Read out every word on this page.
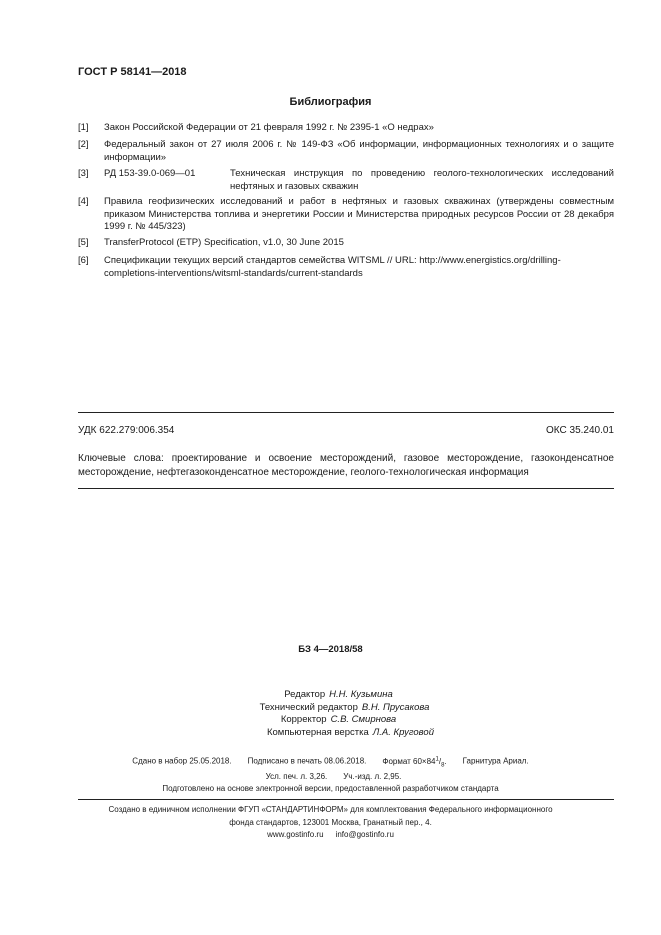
ГОСТ Р 58141—2018
Библиография
[1] Закон Российской Федерации от 21 февраля 1992 г. № 2395-1 «О недрах»
[2] Федеральный закон от 27 июля 2006 г. № 149-ФЗ «Об информации, информационных технологиях и о защите информации»
[3] РД 153-39.0-069—01	Техническая инструкция по проведению геолого-технологических исследований нефтяных и газовых скважин
[4] Правила геофизических исследований и работ в нефтяных и газовых скважинах (утверждены совместным приказом Министерства топлива и энергетики России и Министерства природных ресурсов России от 28 декабря 1999 г. № 445/323)
[5] TransferProtocol (ETP) Specification, v1.0, 30 June 2015
[6] Спецификации текущих версий стандартов семейства WITSML // URL: http://www.energistics.org/drilling-completions-interventions/witsml-standards/current-standards
УДК 622.279:006.354	ОКС 35.240.01
Ключевые слова: проектирование и освоение месторождений, газовое месторождение, газоконденсатное месторождение, нефтегазоконденсатное месторождение, геолого-технологическая информация
БЗ 4—2018/58
Редактор Н.Н. Кузьмина
Технический редактор В.Н. Прусакова
Корректор С.В. Смирнова
Компьютерная верстка Л.А. Круговой
Сдано в набор 25.05.2018. Подписано в печать 08.06.2018. Формат $60\times 84^1/_8$. Гарнитура Ариал.
Усл. печ. л. 3,26. Уч.-изд. л. 2,95.
Подготовлено на основе электронной версии, предоставленной разработчиком стандарта
Создано в единичном исполнении ФГУП «СТАНДАРТИНФОРМ» для комплектования Федерального информационного
фонда стандартов, 123001 Москва, Гранатный пер., 4.
www.gostinfo.ru info@gostinfo.ru
